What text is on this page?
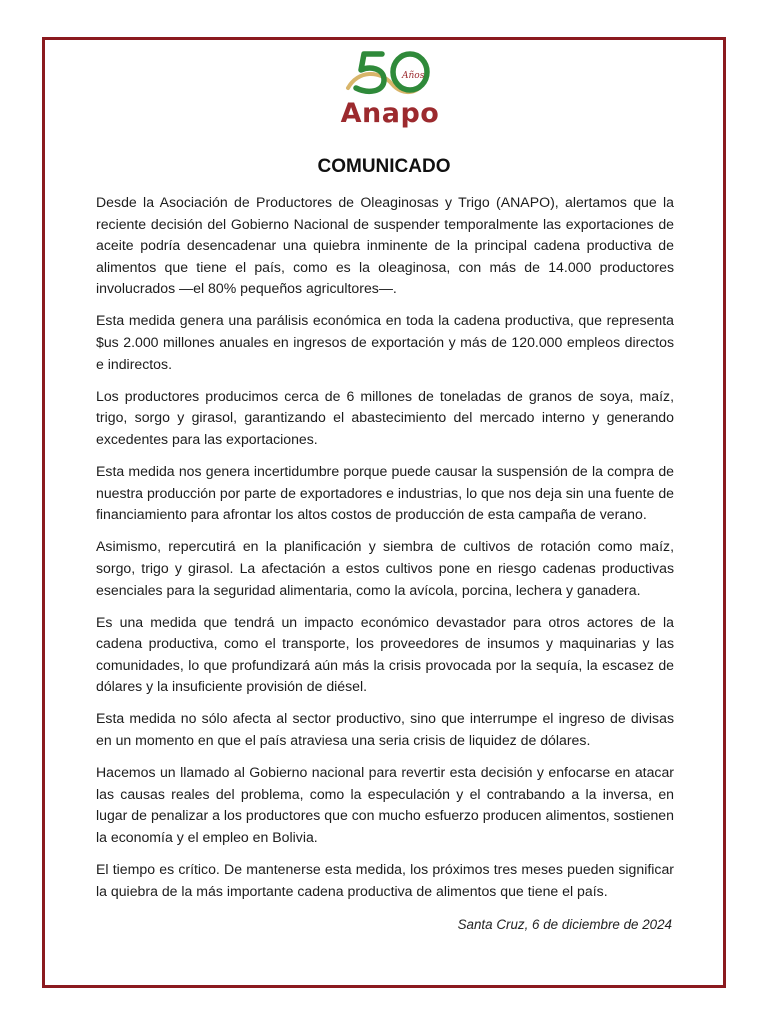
Años
Anapo
COMUNICADO

Desde la Asociación de Productores de Oleaginosas y Trigo (ANAPO), alertamos que la reciente decisión del Gobierno Nacional de suspender temporalmente las exportaciones de aceite podría desencadenar una quiebra inminente de la principal cadena productiva de alimentos que tiene el país, como es la oleaginosa, con más de 14.000 productores involucrados —el 80% pequeños agricultores—.

Esta medida genera una parálisis económica en toda la cadena productiva, que representa $us 2.000 millones anuales en ingresos de exportación y más de 120.000 empleos directos e indirectos.

Los productores producimos cerca de 6 millones de toneladas de granos de soya, maíz, trigo, sorgo y girasol, garantizando el abastecimiento del mercado interno y generando excedentes para las exportaciones.

Esta medida nos genera incertidumbre porque puede causar la suspensión de la compra de nuestra producción por parte de exportadores e industrias, lo que nos deja sin una fuente de financiamiento para afrontar los altos costos de producción de esta campaña de verano.

Asimismo, repercutirá en la planificación y siembra de cultivos de rotación como maíz, sorgo, trigo y girasol. La afectación a estos cultivos pone en riesgo cadenas productivas esenciales para la seguridad alimentaria, como la avícola, porcina, lechera y ganadera.

Es una medida que tendrá un impacto económico devastador para otros actores de la cadena productiva, como el transporte, los proveedores de insumos y maquinarias y las comunidades, lo que profundizará aún más la crisis provocada por la sequía, la escasez de dólares y la insuficiente provisión de diésel.

Esta medida no sólo afecta al sector productivo, sino que interrumpe el ingreso de divisas en un momento en que el país atraviesa una seria crisis de liquidez de dólares.

Hacemos un llamado al Gobierno nacional para revertir esta decisión y enfocarse en atacar las causas reales del problema, como la especulación y el contrabando a la inversa, en lugar de penalizar a los productores que con mucho esfuerzo producen alimentos, sostienen la economía y el empleo en Bolivia.

El tiempo es crítico. De mantenerse esta medida, los próximos tres meses pueden significar la quiebra de la más importante cadena productiva de alimentos que tiene el país.

Santa Cruz, 6 de diciembre de 2024
